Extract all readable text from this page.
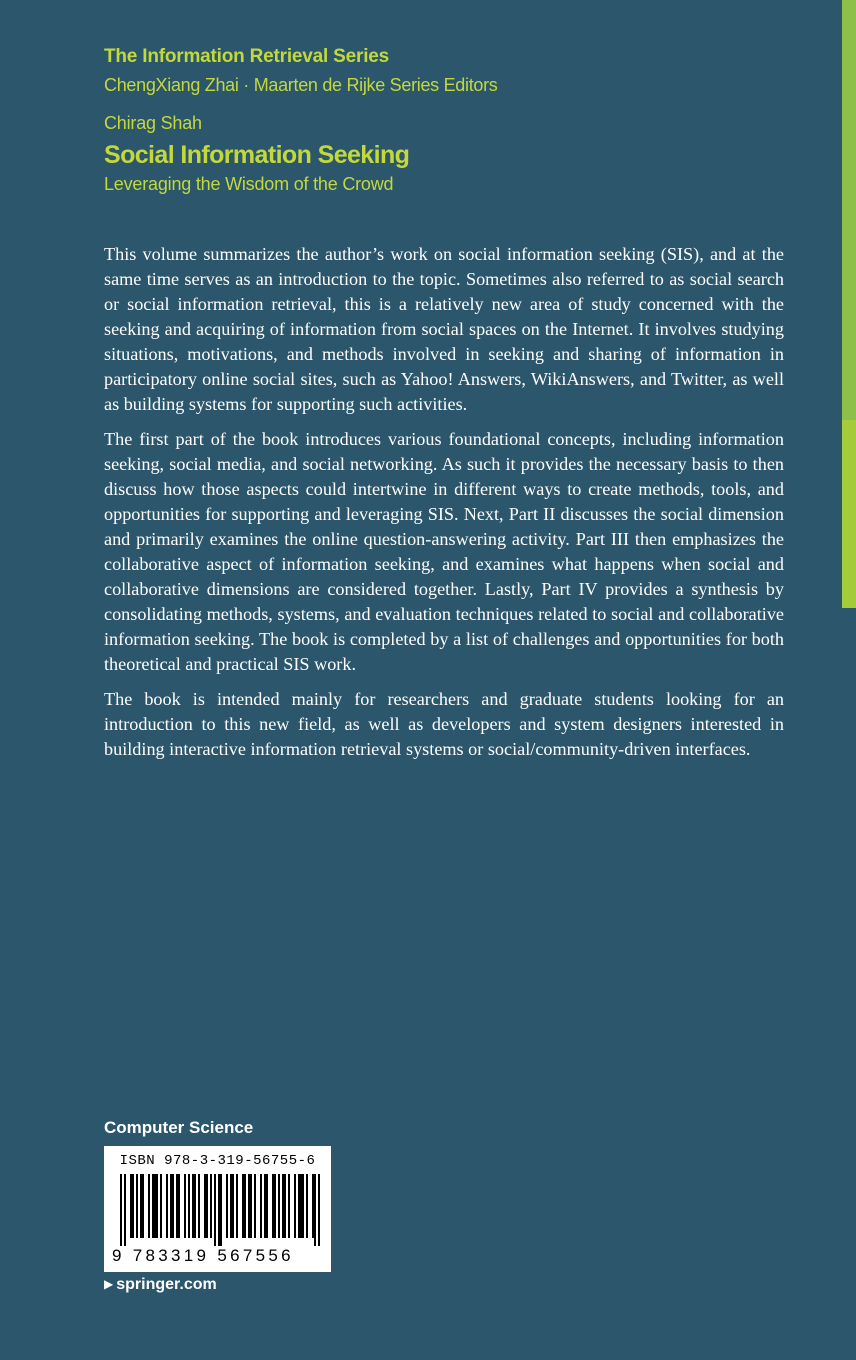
The Information Retrieval Series
ChengXiang Zhai · Maarten de Rijke Series Editors
Chirag Shah
Social Information Seeking
Leveraging the Wisdom of the Crowd

This volume summarizes the author’s work on social information seeking (SIS), and at the same time serves as an introduction to the topic. Sometimes also referred to as social search or social information retrieval, this is a relatively new area of study concerned with the seeking and acquiring of information from social spaces on the Internet. It involves studying situations, motivations, and methods involved in seeking and sharing of information in participatory online social sites, such as Yahoo! Answers, WikiAnswers, and Twitter, as well as building systems for supporting such activities.

The first part of the book introduces various foundational concepts, including information seeking, social media, and social networking. As such it provides the necessary basis to then discuss how those aspects could intertwine in different ways to create methods, tools, and opportunities for supporting and leveraging SIS. Next, Part II discusses the social dimension and primarily examines the online question-answering activity. Part III then emphasizes the collaborative aspect of information seeking, and examines what happens when social and collaborative dimensions are considered together. Lastly, Part IV provides a synthesis by consolidating methods, systems, and evaluation techniques related to social and collaborative information seeking. The book is completed by a list of challenges and opportunities for both theoretical and practical SIS work.

The book is intended mainly for researchers and graduate students looking for an introduction to this new field, as well as developers and system designers interested in building interactive information retrieval systems or social/community-driven interfaces.

Computer Science
ISBN 978-3-319-56755-6
9 783319 567556
▶ springer.com
